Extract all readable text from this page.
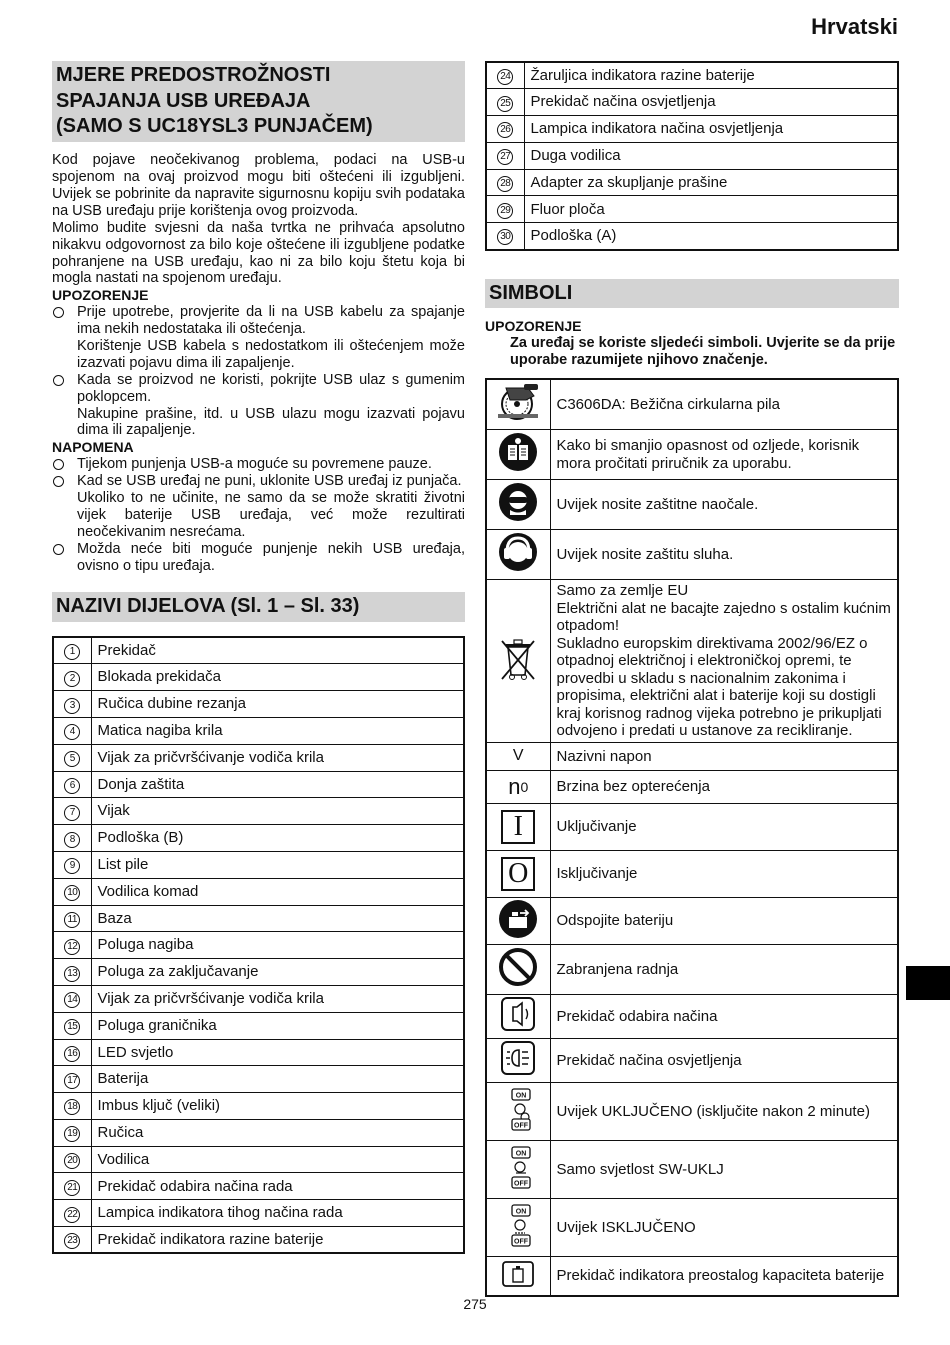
Hrvatski
MJERE PREDOSTROŽNOSTI
SPAJANJA USB UREĐAJA
(SAMO S UC18YSL3 PUNJAČEM)
Kod pojave neočekivanog problema, podaci na USB-u spojenom na ovaj proizvod mogu biti oštećeni ili izgubljeni. Uvijek se pobrinite da napravite sigurnosnu kopiju svih podataka na USB uređaju prije korištenja ovog proizvoda.
Molimo budite svjesni da naša tvrtka ne prihvaća apsolutno nikakvu odgovornost za bilo koje oštećene ili izgubljene podatke pohranjene na USB uređaju, kao ni za bilo koju štetu koja bi mogla nastati na spojenom uređaju.
UPOZORENJE
Prije upotrebe, provjerite da li na USB kabelu za spajanje ima nekih nedostataka ili oštećenja.
Korištenje USB kabela s nedostatkom ili oštećenjem može izazvati pojavu dima ili zapaljenje.
Kada se proizvod ne koristi, pokrijte USB ulaz s gumenim poklopcem.
Nakupine prašine, itd. u USB ulazu mogu izazvati pojavu dima ili zapaljenje.
NAPOMENA
Tijekom punjenja USB-a moguće su povremene pauze.
Kad se USB uređaj ne puni, uklonite USB uređaj iz punjača.
Ukoliko to ne učinite, ne samo da se može skratiti životni vijek baterije USB uređaja, već može rezultirati neočekivanim nesrećama.
Možda neće biti moguće punjenje nekih USB uređaja, ovisno o tipu uređaja.
NAZIVI DIJELOVA (Sl. 1 – Sl. 33)
1	Prekidač
2	Blokada prekidača
3	Ručica dubine rezanja
4	Matica nagiba krila
5	Vijak za pričvršćivanje vodiča krila
6	Donja zaštita
7	Vijak
8	Podloška (B)
9	List pile
10	Vodilica komad
11	Baza
12	Poluga nagiba
13	Poluga za zaključavanje
14	Vijak za pričvršćivanje vodiča krila
15	Poluga graničnika
16	LED svjetlo
17	Baterija
18	Imbus ključ (veliki)
19	Ručica
20	Vodilica
21	Prekidač odabira načina rada
22	Lampica indikatora tihog načina rada
23	Prekidač indikatora razine baterije
24	Žaruljica indikatora razine baterije
25	Prekidač načina osvjetljenja
26	Lampica indikatora načina osvjetljenja
27	Duga vodilica
28	Adapter za skupljanje prašine
29	Fluor ploča
30	Podloška (A)
SIMBOLI
UPOZORENJE
Za uređaj se koriste sljedeći simboli. Uvjerite se da prije uporabe razumijete njihovo značenje.
	C3606DA: Bežična cirkularna pila

	Kako bi smanjio opasnost od ozljede, korisnik mora pročitati priručnik za uporabu.

	Uvijek nosite zaštitne naočale.

	Uvijek nosite zaštitu sluha.

	Samo za zemlje EU
Električni alat ne bacajte zajedno s ostalim kućnim otpadom!
Sukladno europskim direktivama 2002/96/EZ o otpadnoj električnoj i elektroničkoj opremi, te provedbi u skladu s nacionalnim zakonima i propisima, električni alat i baterije koji su dostigli kraj korisnog radnog vijeka potrebno je prikupljati odvojeno i predati u ustanove za recikliranje.

V	Nazivni napon

n 0	Brzina bez opterećenja
I	Uključivanje
O	Isključivanje

	Odspojite bateriju

	Zabranjena radnja

	Prekidač odabira načina

	Prekidač načina osvjetljenja

ON
OFF	Uvijek UKLJUČENO (isključite nakon 2 minute)

ON
OFF	Samo svjetlost SW-UKLJ

ON
OFF	Uvijek ISKLJUČENO

	Prekidač indikatora preostalog kapaciteta baterije
275
